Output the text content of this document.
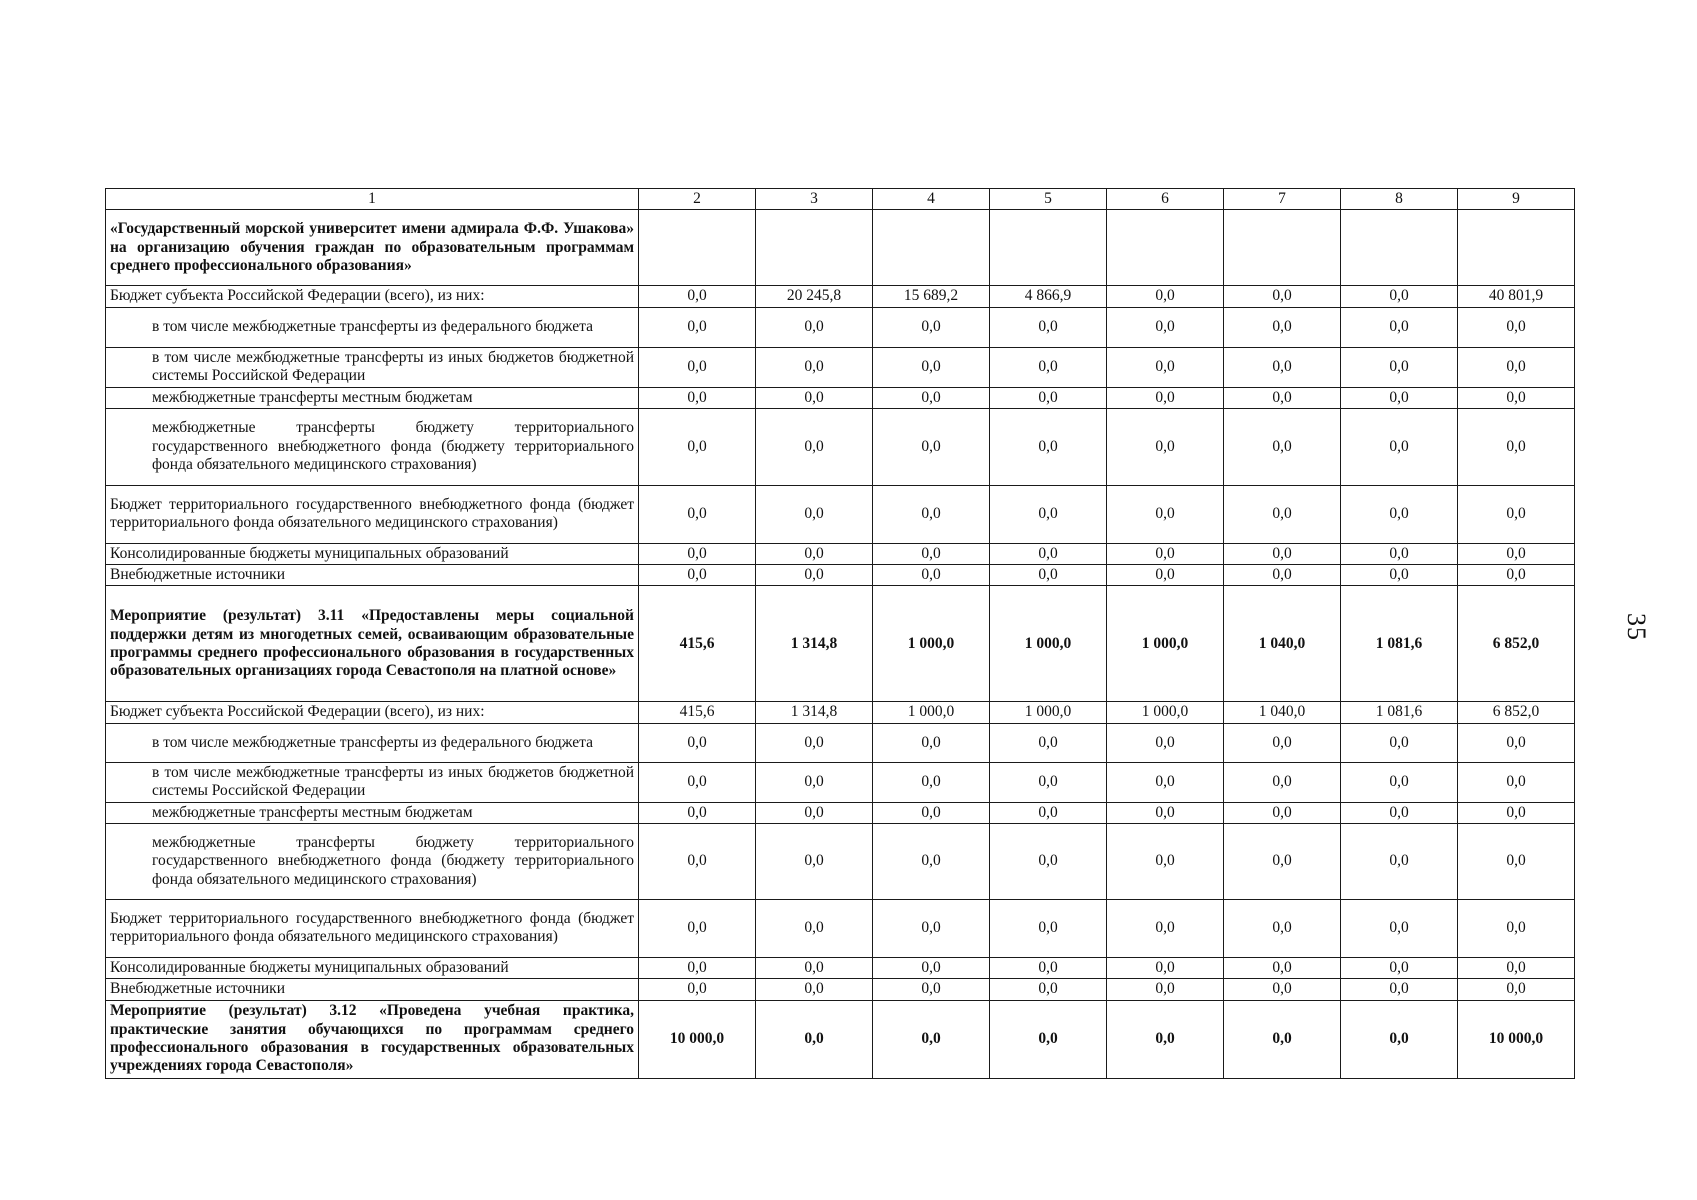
35
1	2	3	4	5	6	7	8	9
«Государственный морской университет имени адмирала Ф.Ф. Ушакова» на организацию обучения граждан по образовательным программам среднего профессионального образования»								
Бюджет субъекта Российской Федерации (всего), из них:	0,0	20 245,8	15 689,2	4 866,9	0,0	0,0	0,0	40 801,9
в том числе межбюджетные трансферты из федерального бюджета	0,0	0,0	0,0	0,0	0,0	0,0	0,0	0,0
в том числе межбюджетные трансферты из иных бюджетов бюджетной системы Российской Федерации	0,0	0,0	0,0	0,0	0,0	0,0	0,0	0,0
межбюджетные трансферты местным бюджетам	0,0	0,0	0,0	0,0	0,0	0,0	0,0	0,0
межбюджетные трансферты бюджету территориального государственного внебюджетного фонда (бюджету территориального фонда обязательного медицинского страхования)	0,0	0,0	0,0	0,0	0,0	0,0	0,0	0,0
Бюджет территориального государственного внебюджетного фонда (бюджет территориального фонда обязательного медицинского страхования)	0,0	0,0	0,0	0,0	0,0	0,0	0,0	0,0
Консолидированные бюджеты муниципальных образований	0,0	0,0	0,0	0,0	0,0	0,0	0,0	0,0
Внебюджетные источники	0,0	0,0	0,0	0,0	0,0	0,0	0,0	0,0
Мероприятие (результат) 3.11 «Предоставлены меры социальной поддержки детям из многодетных семей, осваивающим образовательные программы среднего профессионального образования в государственных образовательных организациях города Севастополя на платной основе»	415,6	1 314,8	1 000,0	1 000,0	1 000,0	1 040,0	1 081,6	6 852,0
Бюджет субъекта Российской Федерации (всего), из них:	415,6	1 314,8	1 000,0	1 000,0	1 000,0	1 040,0	1 081,6	6 852,0
в том числе межбюджетные трансферты из федерального бюджета	0,0	0,0	0,0	0,0	0,0	0,0	0,0	0,0
в том числе межбюджетные трансферты из иных бюджетов бюджетной системы Российской Федерации	0,0	0,0	0,0	0,0	0,0	0,0	0,0	0,0
межбюджетные трансферты местным бюджетам	0,0	0,0	0,0	0,0	0,0	0,0	0,0	0,0
межбюджетные трансферты бюджету территориального государственного внебюджетного фонда (бюджету территориального фонда обязательного медицинского страхования)	0,0	0,0	0,0	0,0	0,0	0,0	0,0	0,0
Бюджет территориального государственного внебюджетного фонда (бюджет территориального фонда обязательного медицинского страхования)	0,0	0,0	0,0	0,0	0,0	0,0	0,0	0,0
Консолидированные бюджеты муниципальных образований	0,0	0,0	0,0	0,0	0,0	0,0	0,0	0,0
Внебюджетные источники	0,0	0,0	0,0	0,0	0,0	0,0	0,0	0,0
Мероприятие (результат) 3.12 «Проведена учебная практика, практические занятия обучающихся по программам среднего профессионального образования в государственных образовательных учреждениях города Севастополя»	10 000,0	0,0	0,0	0,0	0,0	0,0	0,0	10 000,0
